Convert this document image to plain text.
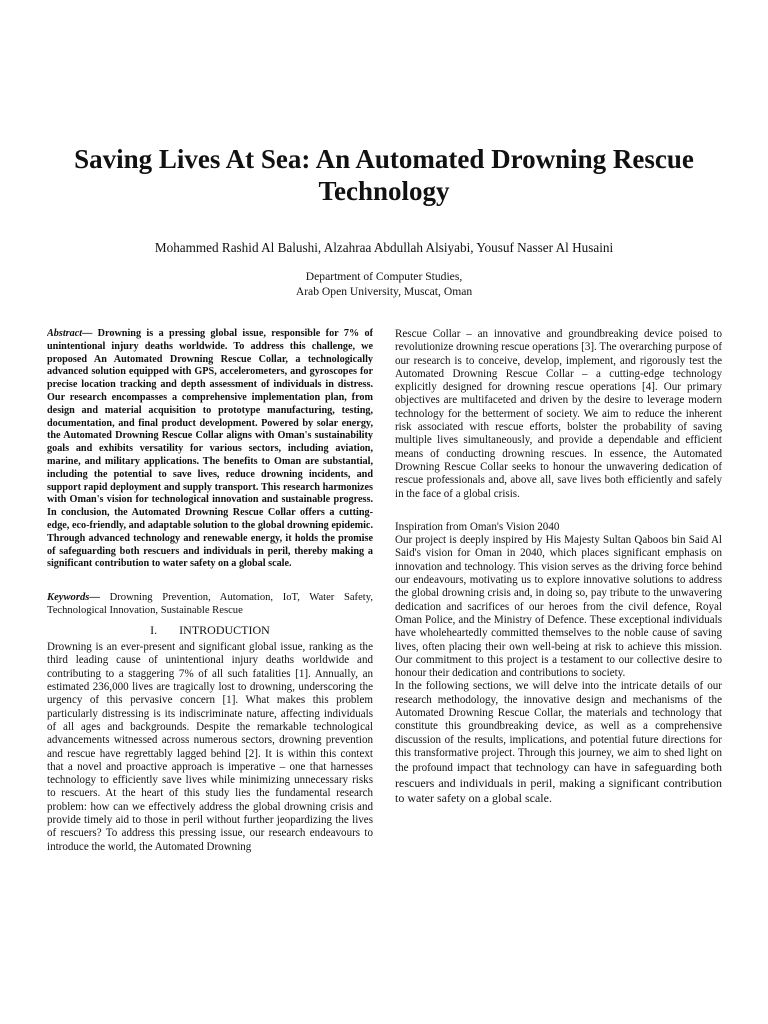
Saving Lives At Sea: An Automated Drowning Rescue Technology
Mohammed Rashid Al Balushi, Alzahraa Abdullah Alsiyabi, Yousuf Nasser Al Husaini
Department of Computer Studies,
Arab Open University, Muscat, Oman

Abstract— Drowning is a pressing global issue, responsible for 7% of unintentional injury deaths worldwide. To address this challenge, we proposed An Automated Drowning Rescue Collar, a technologically advanced solution equipped with GPS, accelerometers, and gyroscopes for precise location tracking and depth assessment of individuals in distress. Our research encompasses a comprehensive implementation plan, from design and material acquisition to prototype manufacturing, testing, documentation, and final product development. Powered by solar energy, the Automated Drowning Rescue Collar aligns with Oman's sustainability goals and exhibits versatility for various sectors, including aviation, marine, and military applications. The benefits to Oman are substantial, including the potential to save lives, reduce drowning incidents, and support rapid deployment and supply transport. This research harmonizes with Oman's vision for technological innovation and sustainable progress. In conclusion, the Automated Drowning Rescue Collar offers a cutting-edge, eco-friendly, and adaptable solution to the global drowning epidemic. Through advanced technology and renewable energy, it holds the promise of safeguarding both rescuers and individuals in peril, thereby making a significant contribution to water safety on a global scale.

Keywords— Drowning Prevention, Automation, IoT, Water Safety, Technological Innovation, Sustainable Rescue

I. INTRODUCTION

Drowning is an ever-present and significant global issue, ranking as the third leading cause of unintentional injury deaths worldwide and contributing to a staggering 7% of all such fatalities [1]. Annually, an estimated 236,000 lives are tragically lost to drowning, underscoring the urgency of this pervasive concern [1]. What makes this problem particularly distressing is its indiscriminate nature, affecting individuals of all ages and backgrounds. Despite the remarkable technological advancements witnessed across numerous sectors, drowning prevention and rescue have regrettably lagged behind [2]. It is within this context that a novel and proactive approach is imperative – one that harnesses technology to efficiently save lives while minimizing unnecessary risks to rescuers. At the heart of this study lies the fundamental research problem: how can we effectively address the global drowning crisis and provide timely aid to those in peril without further jeopardizing the lives of rescuers? To address this pressing issue, our research endeavours to introduce the world, the Automated Drowning

Rescue Collar – an innovative and groundbreaking device poised to revolutionize drowning rescue operations [3]. The overarching purpose of our research is to conceive, develop, implement, and rigorously test the Automated Drowning Rescue Collar – a cutting-edge technology explicitly designed for drowning rescue operations [4]. Our primary objectives are multifaceted and driven by the desire to leverage modern technology for the betterment of society. We aim to reduce the inherent risk associated with rescue efforts, bolster the probability of saving multiple lives simultaneously, and provide a dependable and efficient means of conducting drowning rescues. In essence, the Automated Drowning Rescue Collar seeks to honour the unwavering dedication of rescue professionals and, above all, save lives both efficiently and safely in the face of a global crisis.

Inspiration from Oman's Vision 2040

Our project is deeply inspired by His Majesty Sultan Qaboos bin Said Al Said's vision for Oman in 2040, which places significant emphasis on innovation and technology. This vision serves as the driving force behind our endeavours, motivating us to explore innovative solutions to address the global drowning crisis and, in doing so, pay tribute to the unwavering dedication and sacrifices of our heroes from the civil defence, Royal Oman Police, and the Ministry of Defence. These exceptional individuals have wholeheartedly committed themselves to the noble cause of saving lives, often placing their own well-being at risk to achieve this mission. Our commitment to this project is a testament to our collective desire to honour their dedication and contributions to society.

In the following sections, we will delve into the intricate details of our research methodology, the innovative design and mechanisms of the Automated Drowning Rescue Collar, the materials and technology that constitute this groundbreaking device, as well as a comprehensive discussion of the results, implications, and potential future directions for this transformative project. Through this journey, we aim to shed light on the profound impact that technology can have in safeguarding both rescuers and individuals in peril, making a significant contribution to water safety on a global scale.
